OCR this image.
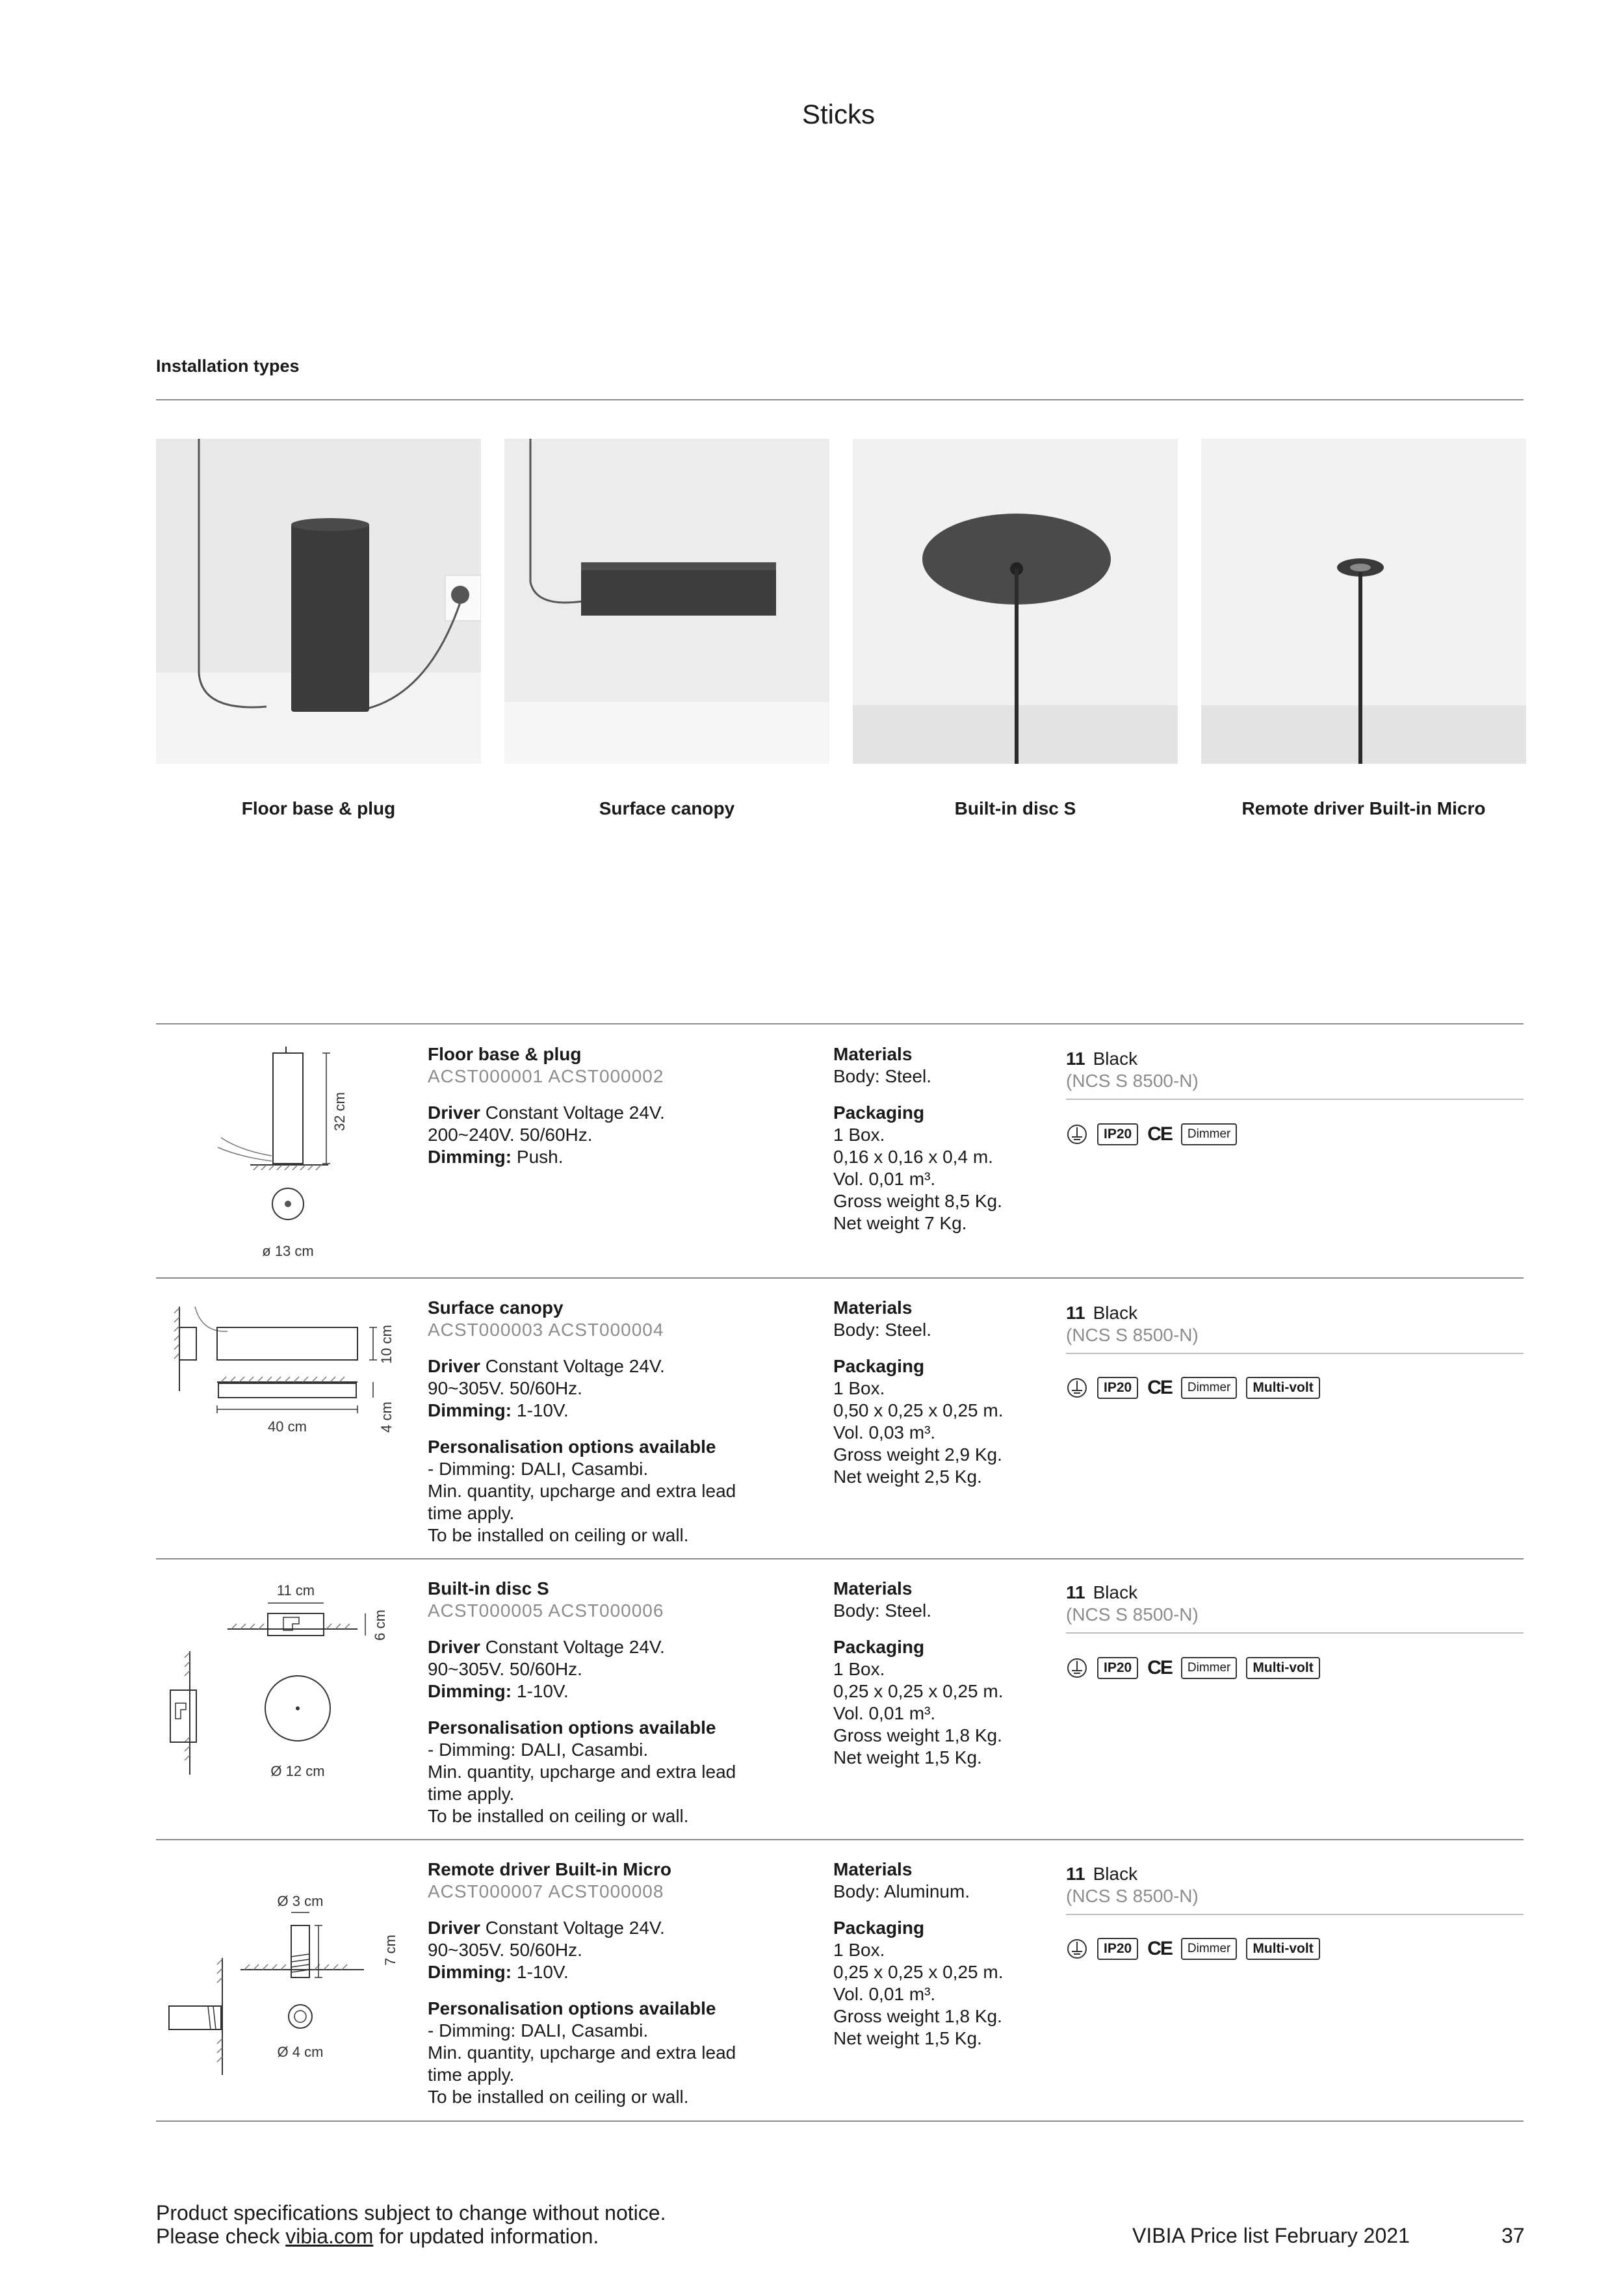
Sticks
Installation types
Floor base & plug	Surface canopy	Built-in disc S	Remote driver Built-in Micro
32 cm
ø 13 cm
Floor base & plug
ACST000001 ACST000002
Driver Constant Voltage 24V.
200~240V. 50/60Hz.
Dimming: Push.
Materials
Body: Steel.
Packaging
1 Box.
0,16 x 0,16 x 0,4 m.
Vol. 0,01 m³.
Gross weight 8,5 Kg.
Net weight 7 Kg.
11 Black
(NCS S 8500-N)
IP20 CE	Dimmer
10 cm
4 cm
40 cm
Surface canopy
ACST000003 ACST000004
Driver Constant Voltage 24V.
90~305V. 50/60Hz.
Dimming: 1-10V.
Personalisation options available
- Dimming: DALI, Casambi.
Min. quantity, upcharge and extra lead
time apply.
To be installed on ceiling or wall.
Materials
Body: Steel.
Packaging
1 Box.
0,50 x 0,25 x 0,25 m.
Vol. 0,03 m³.
Gross weight 2,9 Kg.
Net weight 2,5 Kg.
11 Black
(NCS S 8500-N)
IP20 CE	Dimmer	Multi-volt
11 cm
6 cm
Ø 12 cm
Built-in disc S
ACST000005 ACST000006
Driver Constant Voltage 24V.
90~305V. 50/60Hz.
Dimming: 1-10V.
Personalisation options available
- Dimming: DALI, Casambi.
Min. quantity, upcharge and extra lead
time apply.
To be installed on ceiling or wall.
Materials
Body: Steel.
Packaging
1 Box.
0,25 x 0,25 x 0,25 m.
Vol. 0,01 m³.
Gross weight 1,8 Kg.
Net weight 1,5 Kg.
11 Black
(NCS S 8500-N)
IP20 CE	Dimmer	Multi-volt
Ø 3 cm
7 cm
Ø 4 cm
Remote driver Built-in Micro
ACST000007 ACST000008
Driver Constant Voltage 24V.
90~305V. 50/60Hz.
Dimming: 1-10V.
Personalisation options available
- Dimming: DALI, Casambi.
Min. quantity, upcharge and extra lead
time apply.
To be installed on ceiling or wall.
Materials
Body: Aluminum.
Packaging
1 Box.
0,25 x 0,25 x 0,25 m.
Vol. 0,01 m³.
Gross weight 1,8 Kg.
Net weight 1,5 Kg.
11 Black
(NCS S 8500-N)
IP20 CE	Dimmer	Multi-volt
Product specifications subject to change without notice.
Please check vibia.com for updated information.	VIBIA Price list February 2021	37
